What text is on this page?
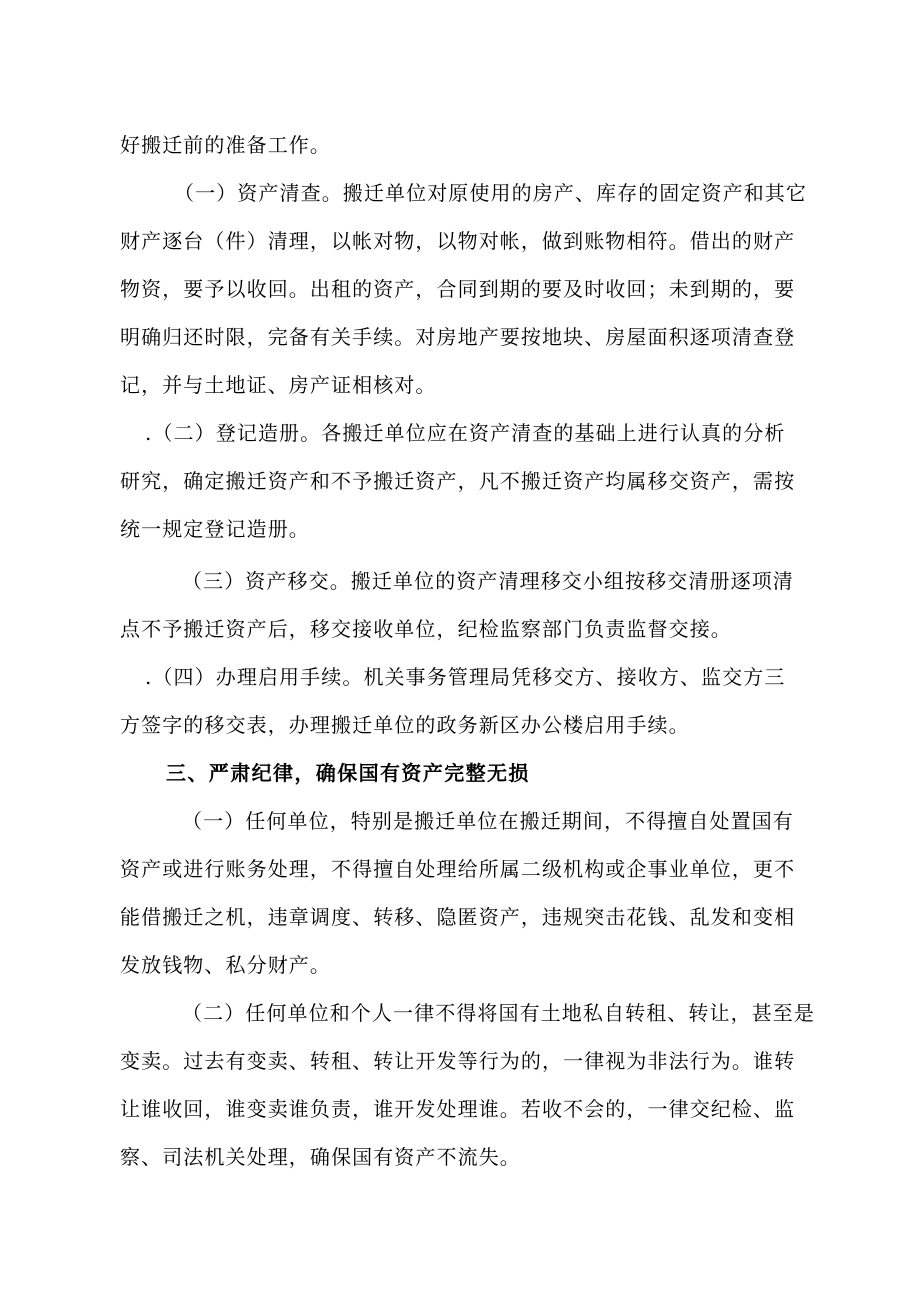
好搬迁前的准备工作。
（一）资产清查。搬迁单位对原使用的房产、库存的固定资产和其它
财产逐台（件）清理，以帐对物，以物对帐，做到账物相符。借出的财产
物资，要予以收回。出租的资产，合同到期的要及时收回；未到期的，要
明确归还时限，完备有关手续。对房地产要按地块、房屋面积逐项清查登
记，并与土地证、房产证相核对。
.（二）登记造册。各搬迁单位应在资产清查的基础上进行认真的分析
研究，确定搬迁资产和不予搬迁资产，凡不搬迁资产均属移交资产，需按
统一规定登记造册。
（三）资产移交。搬迁单位的资产清理移交小组按移交清册逐项清
点不予搬迁资产后，移交接收单位，纪检监察部门负责监督交接。
.（四）办理启用手续。机关事务管理局凭移交方、接收方、监交方三
方签字的移交表，办理搬迁单位的政务新区办公楼启用手续。
三、严肃纪律，确保国有资产完整无损
（一）任何单位，特别是搬迁单位在搬迁期间，不得擅自处置国有
资产或进行账务处理，不得擅自处理给所属二级机构或企事业单位，更不
能借搬迁之机，违章调度、转移、隐匿资产，违规突击花钱、乱发和变相
发放钱物、私分财产。
（二）任何单位和个人一律不得将国有土地私自转租、转让，甚至是
变卖。过去有变卖、转租、转让开发等行为的，一律视为非法行为。谁转
让谁收回，谁变卖谁负责，谁开发处理谁。若收不会的，一律交纪检、监
察、司法机关处理，确保国有资产不流失。
